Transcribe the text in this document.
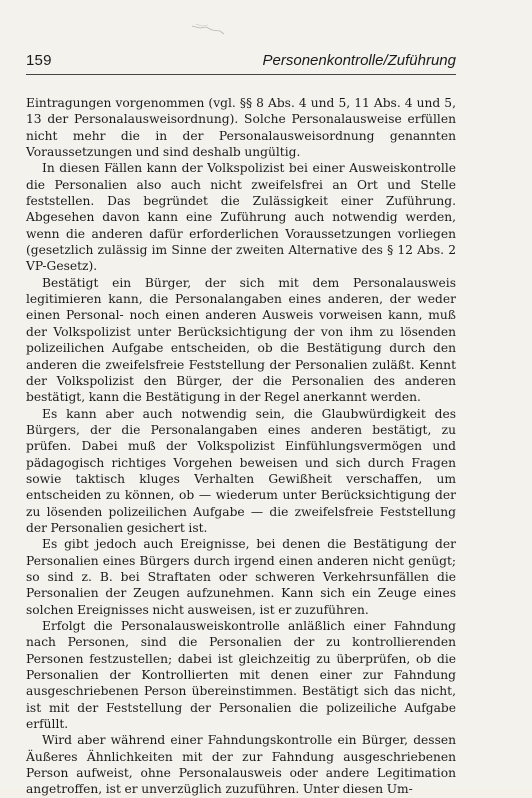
159	Personenkontrolle/Zuführung

Eintragungen vorgenommen (vgl. §§ 8 Abs. 4 und 5, 11 Abs. 4 und 5, 13 der Personalausweisordnung). Solche Personalausweise erfüllen nicht mehr die in der Personalausweisordnung genannten Voraussetzungen und sind deshalb ungültig.

In diesen Fällen kann der Volkspolizist bei einer Ausweiskontrolle die Personalien also auch nicht zweifelsfrei an Ort und Stelle feststellen. Das begründet die Zulässigkeit einer Zuführung. Abgesehen davon kann eine Zuführung auch notwendig werden, wenn die anderen dafür erforderlichen Voraussetzungen vorliegen (gesetzlich zulässig im Sinne der zweiten Alternative des § 12 Abs. 2 VP-Gesetz).

Bestätigt ein Bürger, der sich mit dem Personalausweis legitimieren kann, die Personalangaben eines anderen, der weder einen Personal- noch einen anderen Ausweis vorweisen kann, muß der Volkspolizist unter Berücksichtigung der von ihm zu lösenden polizeilichen Aufgabe entscheiden, ob die Bestätigung durch den anderen die zweifelsfreie Feststellung der Personalien zuläßt. Kennt der Volkspolizist den Bürger, der die Personalien des anderen bestätigt, kann die Bestätigung in der Regel anerkannt werden.

Es kann aber auch notwendig sein, die Glaubwürdigkeit des Bürgers, der die Personalangaben eines anderen bestätigt, zu prüfen. Dabei muß der Volkspolizist Einfühlungsvermögen und pädagogisch richtiges Vorgehen beweisen und sich durch Fragen sowie taktisch kluges Verhalten Gewißheit verschaffen, um entscheiden zu können, ob — wiederum unter Berücksichtigung der zu lösenden polizeilichen Aufgabe — die zweifelsfreie Feststellung der Personalien gesichert ist.

Es gibt jedoch auch Ereignisse, bei denen die Bestätigung der Personalien eines Bürgers durch irgend einen anderen nicht genügt; so sind z. B. bei Straftaten oder schweren Verkehrsunfällen die Personalien der Zeugen aufzunehmen. Kann sich ein Zeuge eines solchen Ereignisses nicht ausweisen, ist er zuzuführen.

Erfolgt die Personalausweiskontrolle anläßlich einer Fahndung nach Personen, sind die Personalien der zu kontrollierenden Personen festzustellen; dabei ist gleichzeitig zu überprüfen, ob die Personalien der Kontrollierten mit denen einer zur Fahndung ausgeschriebenen Person übereinstimmen. Bestätigt sich das nicht, ist mit der Feststellung der Personalien die polizeiliche Aufgabe erfüllt.

Wird aber während einer Fahndungskontrolle ein Bürger, dessen Äußeres Ähnlichkeiten mit der zur Fahndung ausgeschriebenen Person aufweist, ohne Personalausweis oder andere Legitimation angetroffen, ist er unverzüglich zuzuführen. Unter diesen Um-
